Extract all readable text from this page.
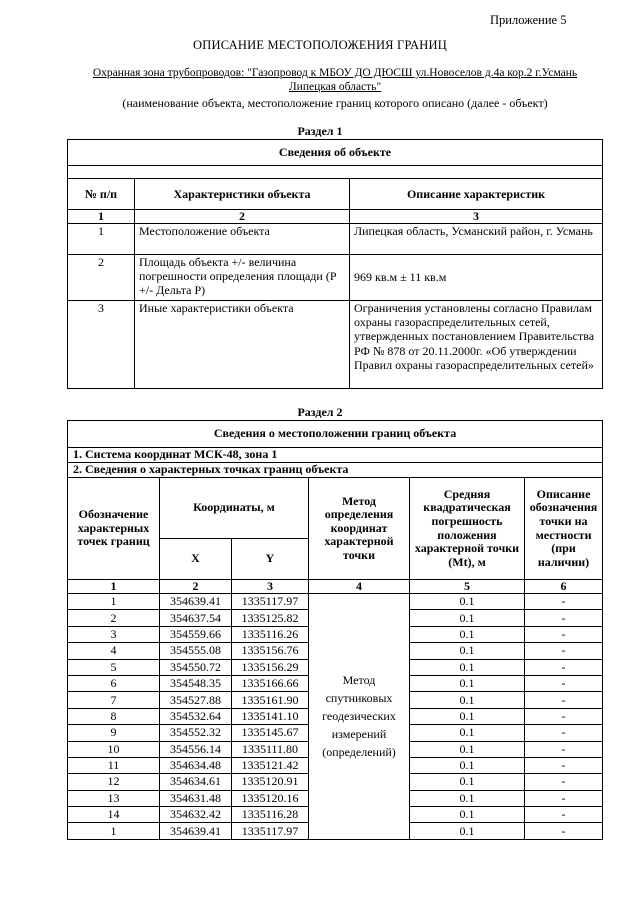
Приложение 5
ОПИСАНИЕ МЕСТОПОЛОЖЕНИЯ ГРАНИЦ
Охранная зона трубопроводов: "Газопровод к МБОУ ДО ДЮСШ ул.Новоселов д.4а кор.2 г.Усмань Липецкая область"
(наименование объекта, местоположение границ которого описано (далее - объект)
Раздел 1
Сведения об объекте		

№ п/п	Характеристики объекта	Описание характеристик
1	2	3
1	Местоположение объекта	Липецкая область, Усманский район, г. Усмань
2	Площадь объекта +/- величина погрешности определения площади (Р +/- Дельта Р)	969 кв.м ± 11 кв.м
3	Иные характеристики объекта	Ограничения установлены согласно Правилам охраны газораспределительных сетей, утвержденных постановлением Правительства РФ № 878 от 20.11.2000г. «Об утверждении Правил охраны газораспределительных сетей»
Раздел 2
Сведения о местоположении границ объекта					
1. Система координат МСК-48, зона 1					
2. Сведения о характерных точках границ объекта					
Обозначение характерных точек границ	Координаты, м		Метод определения координат характерной точки	Средняя квадратическая погрешность положения характерной точки (Mt), м	Описание обозначения точки на местности (при наличии)
	X	Y			
1	2	3	4	5	6
1	354639.41	1335117.97	Метод спутниковых геодезических измерений (определений)	0.1	-
2	354637.54	1335125.82		0.1	-
3	354559.66	1335116.26		0.1	-
4	354555.08	1335156.76		0.1	-
5	354550.72	1335156.29		0.1	-
6	354548.35	1335166.66		0.1	-
7	354527.88	1335161.90		0.1	-
8	354532.64	1335141.10		0.1	-
9	354552.32	1335145.67		0.1	-
10	354556.14	1335111.80		0.1	-
11	354634.48	1335121.42		0.1	-
12	354634.61	1335120.91		0.1	-
13	354631.48	1335120.16		0.1	-
14	354632.42	1335116.28		0.1	-
1	354639.41	1335117.97		0.1	-
